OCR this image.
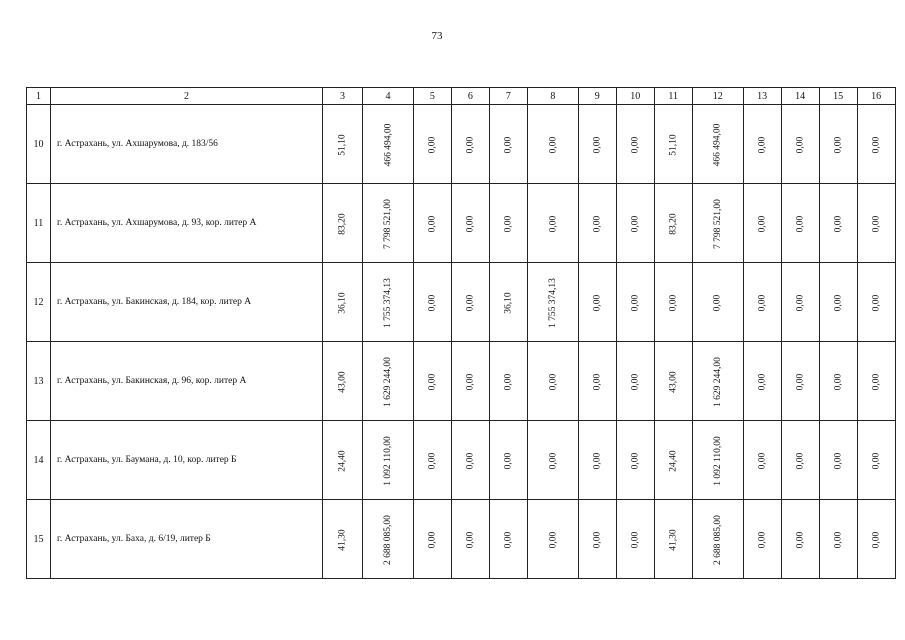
73
1	2	3	4	5	6	7	8	9	10	11	12	13	14	15	16
10	г. Астрахань, ул. Ахшарумова, д. 183/56	51,10	466 494,00	0,00	0,00	0,00	0,00	0,00	0,00	51,10	466 494,00	0,00	0,00	0,00	0,00
11	г. Астрахань, ул. Ахшарумова, д. 93, кор. литер А	83,20	7 798 521,00	0,00	0,00	0,00	0,00	0,00	0,00	83,20	7 798 521,00	0,00	0,00	0,00	0,00
12	г. Астрахань, ул. Бакинская, д. 184, кор. литер А	36,10	1 755 374,13	0,00	0,00	36,10	1 755 374,13	0,00	0,00	0,00	0,00	0,00	0,00	0,00	0,00
13	г. Астрахань, ул. Бакинская, д. 96, кор. литер А	43,00	1 629 244,00	0,00	0,00	0,00	0,00	0,00	0,00	43,00	1 629 244,00	0,00	0,00	0,00	0,00
14	г. Астрахань, ул. Баумана, д. 10, кор. литер Б	24,40	1 092 110,00	0,00	0,00	0,00	0,00	0,00	0,00	24,40	1 092 110,00	0,00	0,00	0,00	0,00
15	г. Астрахань, ул. Баха, д. 6/19, литер Б	41,30	2 688 085,00	0,00	0,00	0,00	0,00	0,00	0,00	41,30	2 688 085,00	0,00	0,00	0,00	0,00
